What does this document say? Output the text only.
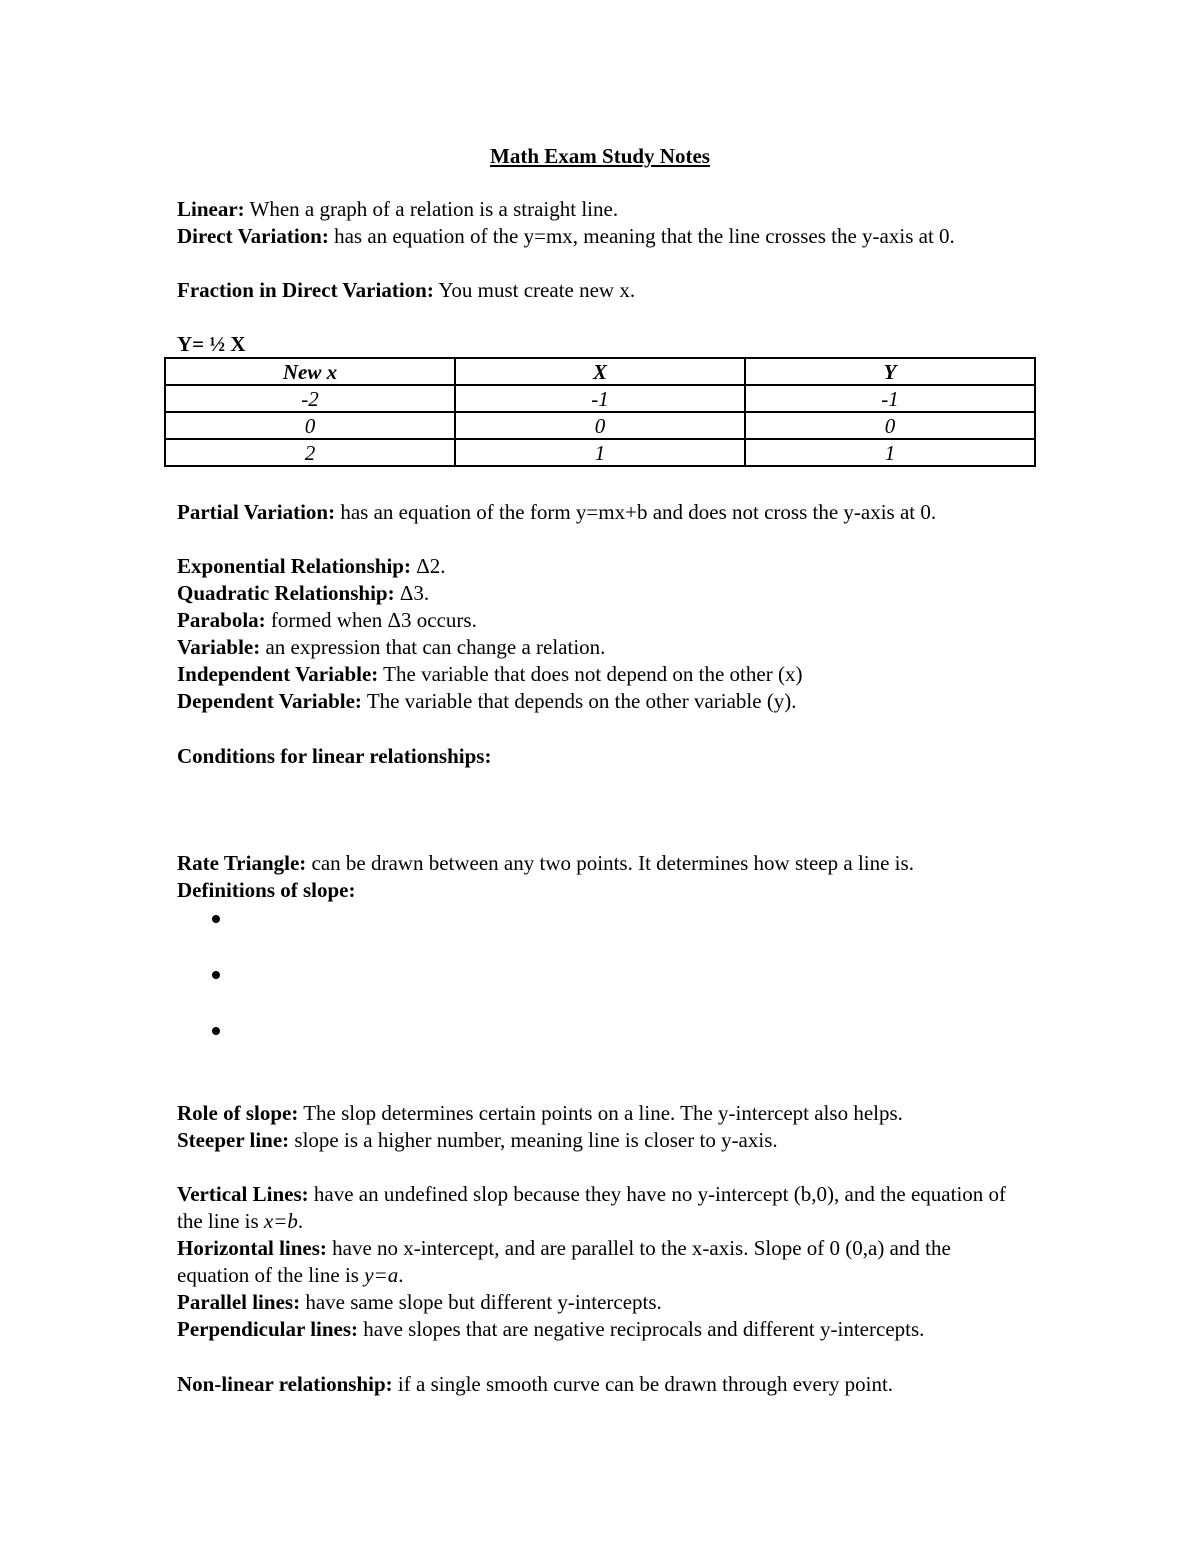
Math Exam Study Notes
Linear: When a graph of a relation is a straight line.
Direct Variation: has an equation of the y=mx, meaning that the line crosses the y-axis at 0.
Fraction in Direct Variation: You must create new x.
Y= ½ X
New x	X	Y
-2	-1	-1
0	0	0
2	1	1
Partial Variation: has an equation of the form y=mx+b and does not cross the y-axis at 0.
Exponential Relationship: Δ2.
Quadratic Relationship: Δ3.
Parabola: formed when Δ3 occurs.
Variable: an expression that can change a relation.
Independent Variable: The variable that does not depend on the other (x)
Dependent Variable: The variable that depends on the other variable (y).
Conditions for linear relationships:
Rate Triangle: can be drawn between any two points. It determines how steep a line is.
Definitions of slope:
Role of slope: The slop determines certain points on a line. The y-intercept also helps.
Steeper line: slope is a higher number, meaning line is closer to y-axis.
Vertical Lines: have an undefined slop because they have no y-intercept (b,0), and the equation of the line is x=b.
Horizontal lines: have no x-intercept, and are parallel to the x-axis. Slope of 0 (0,a) and the equation of the line is y=a.
Parallel lines: have same slope but different y-intercepts.
Perpendicular lines: have slopes that are negative reciprocals and different y-intercepts.
Non-linear relationship: if a single smooth curve can be drawn through every point.
